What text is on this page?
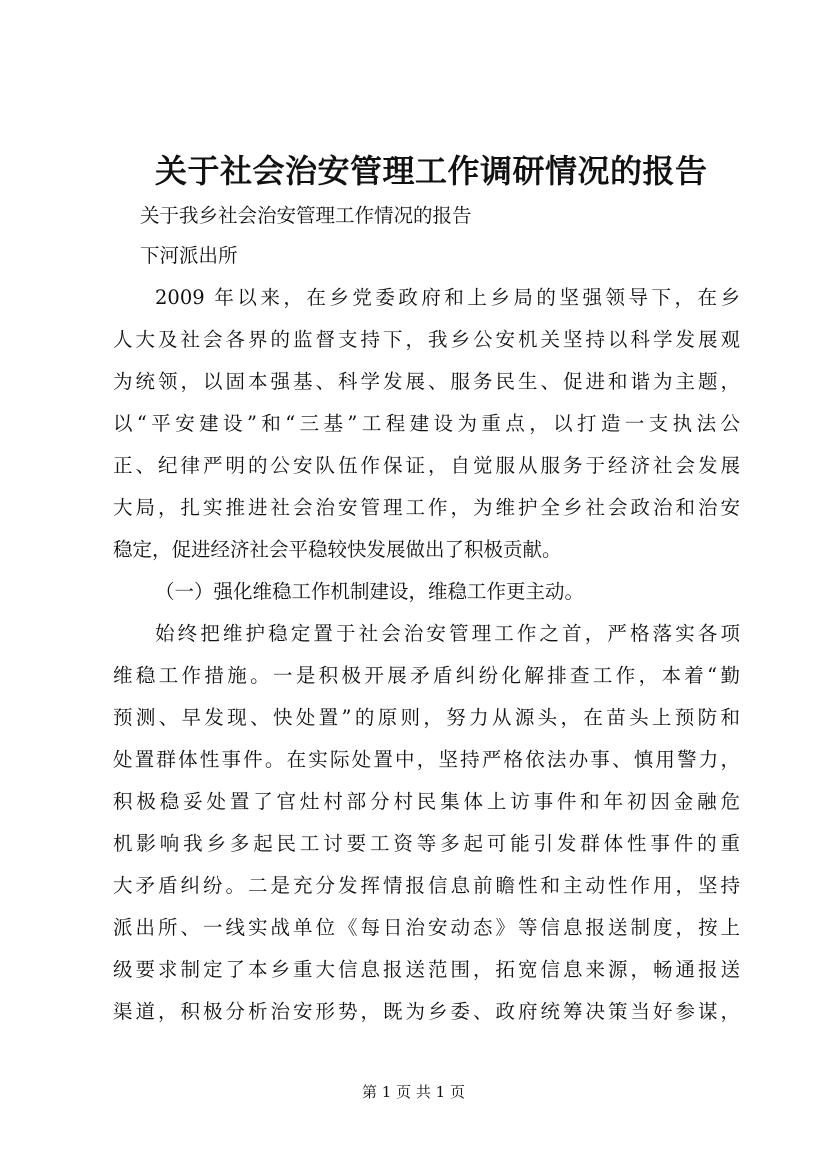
关于社会治安管理工作调研情况的报告

关于我乡社会治安管理工作情况的报告

下河派出所

2009 年以来，在乡党委政府和上乡局的坚强领导下，在乡

人大及社会各界的监督支持下，我乡公安机关坚持以科学发展观

为统领，以固本强基、科学发展、服务民生、促进和谐为主题，

以“平安建设”和“三基”工程建设为重点，以打造一支执法公

正、纪律严明的公安队伍作保证，自觉服从服务于经济社会发展

大局，扎实推进社会治安管理工作，为维护全乡社会政治和治安

稳定，促进经济社会平稳较快发展做出了积极贡献。

（一）强化维稳工作机制建设，维稳工作更主动。

始终把维护稳定置于社会治安管理工作之首，严格落实各项

维稳工作措施。一是积极开展矛盾纠纷化解排查工作，本着“勤

预测、早发现、快处置”的原则，努力从源头，在苗头上预防和

处置群体性事件。在实际处置中，坚持严格依法办事、慎用警力，

积极稳妥处置了官灶村部分村民集体上访事件和年初因金融危

机影响我乡多起民工讨要工资等多起可能引发群体性事件的重

大矛盾纠纷。二是充分发挥情报信息前瞻性和主动性作用，坚持

派出所、一线实战单位《每日治安动态》等信息报送制度，按上

级要求制定了本乡重大信息报送范围，拓宽信息来源，畅通报送

渠道，积极分析治安形势，既为乡委、政府统筹决策当好参谋，

第 1 页 共 1 页
